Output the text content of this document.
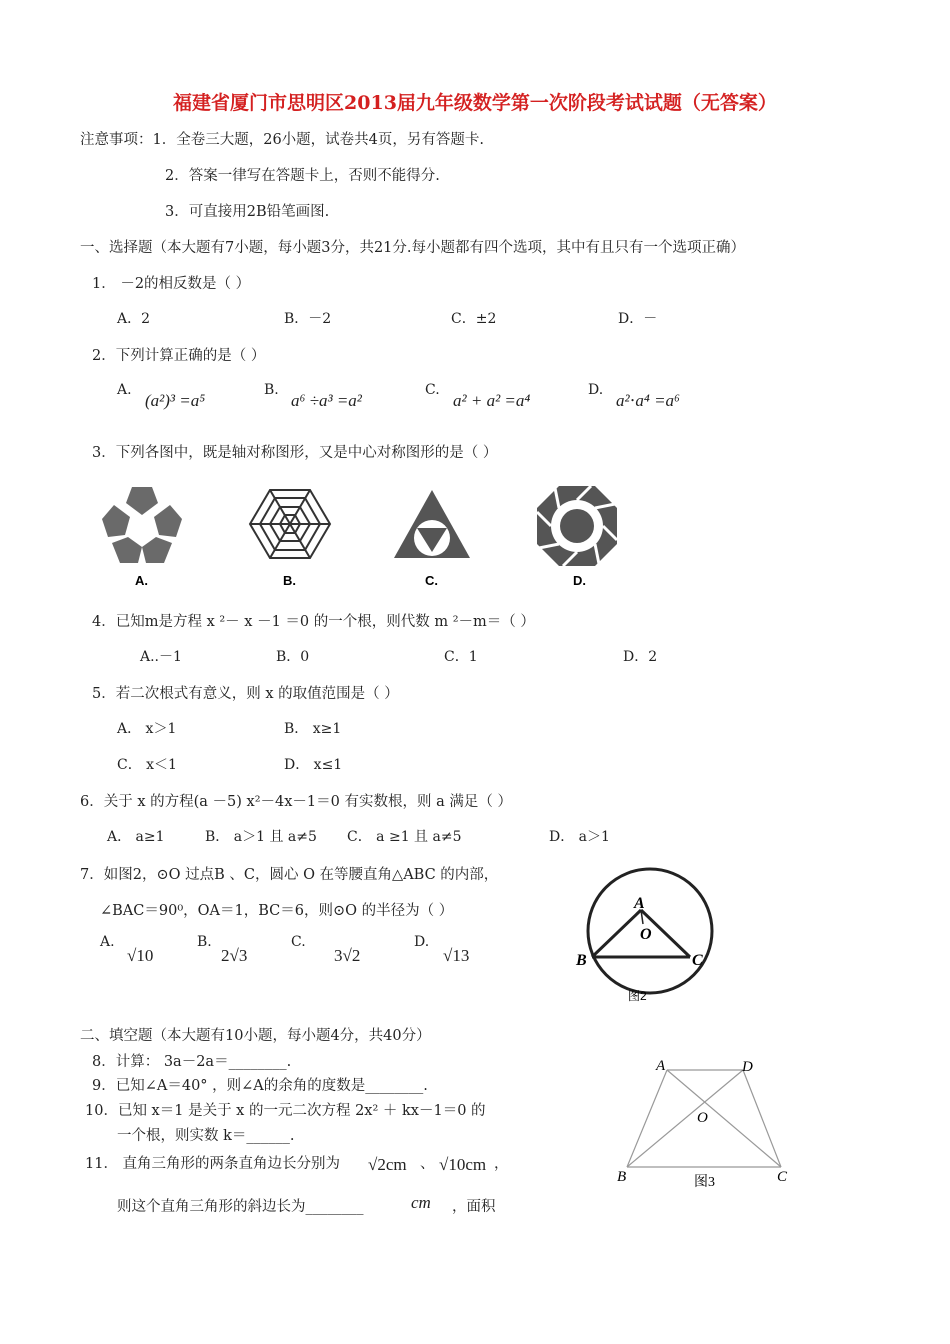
福建省厦门市思明区2013届九年级数学第一次阶段考试试题（无答案）
注意事项：1．全卷三大题，26小题，试卷共4页，另有答题卡.
2．答案一律写在答题卡上，否则不能得分.
3．可直接用2B铅笔画图.
一、选择题（本大题有7小题，每小题3分，共21分.每小题都有四个选项，其中有且只有一个选项正确）
1． －2的相反数是（ ）
A．2	B．－2	C．±2	D．－
2．下列计算正确的是（ ）
A.
(a²)³ =a⁵
B.
a⁶ ÷a³ =a²
C.
a² + a² =a⁴
D.
a²⋅a⁴ =a⁶
3．下列各图中，既是轴对称图形，又是中心对称图形的是（ ）
A.	B.	C.	D.
4．已知m是方程 x ²－ x －1 ＝0 的一个根，则代数 m ²－m＝（ ）
A..－1	B．0	C．1	D．2
5．若二次根式有意义，则 x 的取值范围是（ ）
A． x＞1	B． x≥1
C． x＜1	D． x≤1
6．关于 x 的方程(a －5) x²－4x－1＝0 有实数根，则 a 满足（ ）
A． a≥1	B． a＞1 且 a≠5 C． a ≥1 且 a≠5	D． a＞1
7．如图2，⊙O 过点B 、C，圆心 O 在等腰直角△ABC 的内部，
∠BAC＝90⁰，OA＝1，BC＝6，则⊙O 的半径为（ ）
A.
√10
B.
2√3
C.
3√2
D.
√13
A
O
B	C
图2
二、填空题（本大题有10小题，每小题4分，共40分）
8．计算： 3a－2a＝________.
9．已知∠A＝40° ，则∠A的余角的度数是________.
10．已知 x＝1 是关于 x 的一元二次方程 2x² ＋ kx－1＝0 的
一个根，则实数 k＝______.
11． 直角三角形的两条直角边长分别为 √2cm 、 √10cm ，
则这个直角三角形的斜边长为________	cm ，面积
A	D
O
B	C
图3
